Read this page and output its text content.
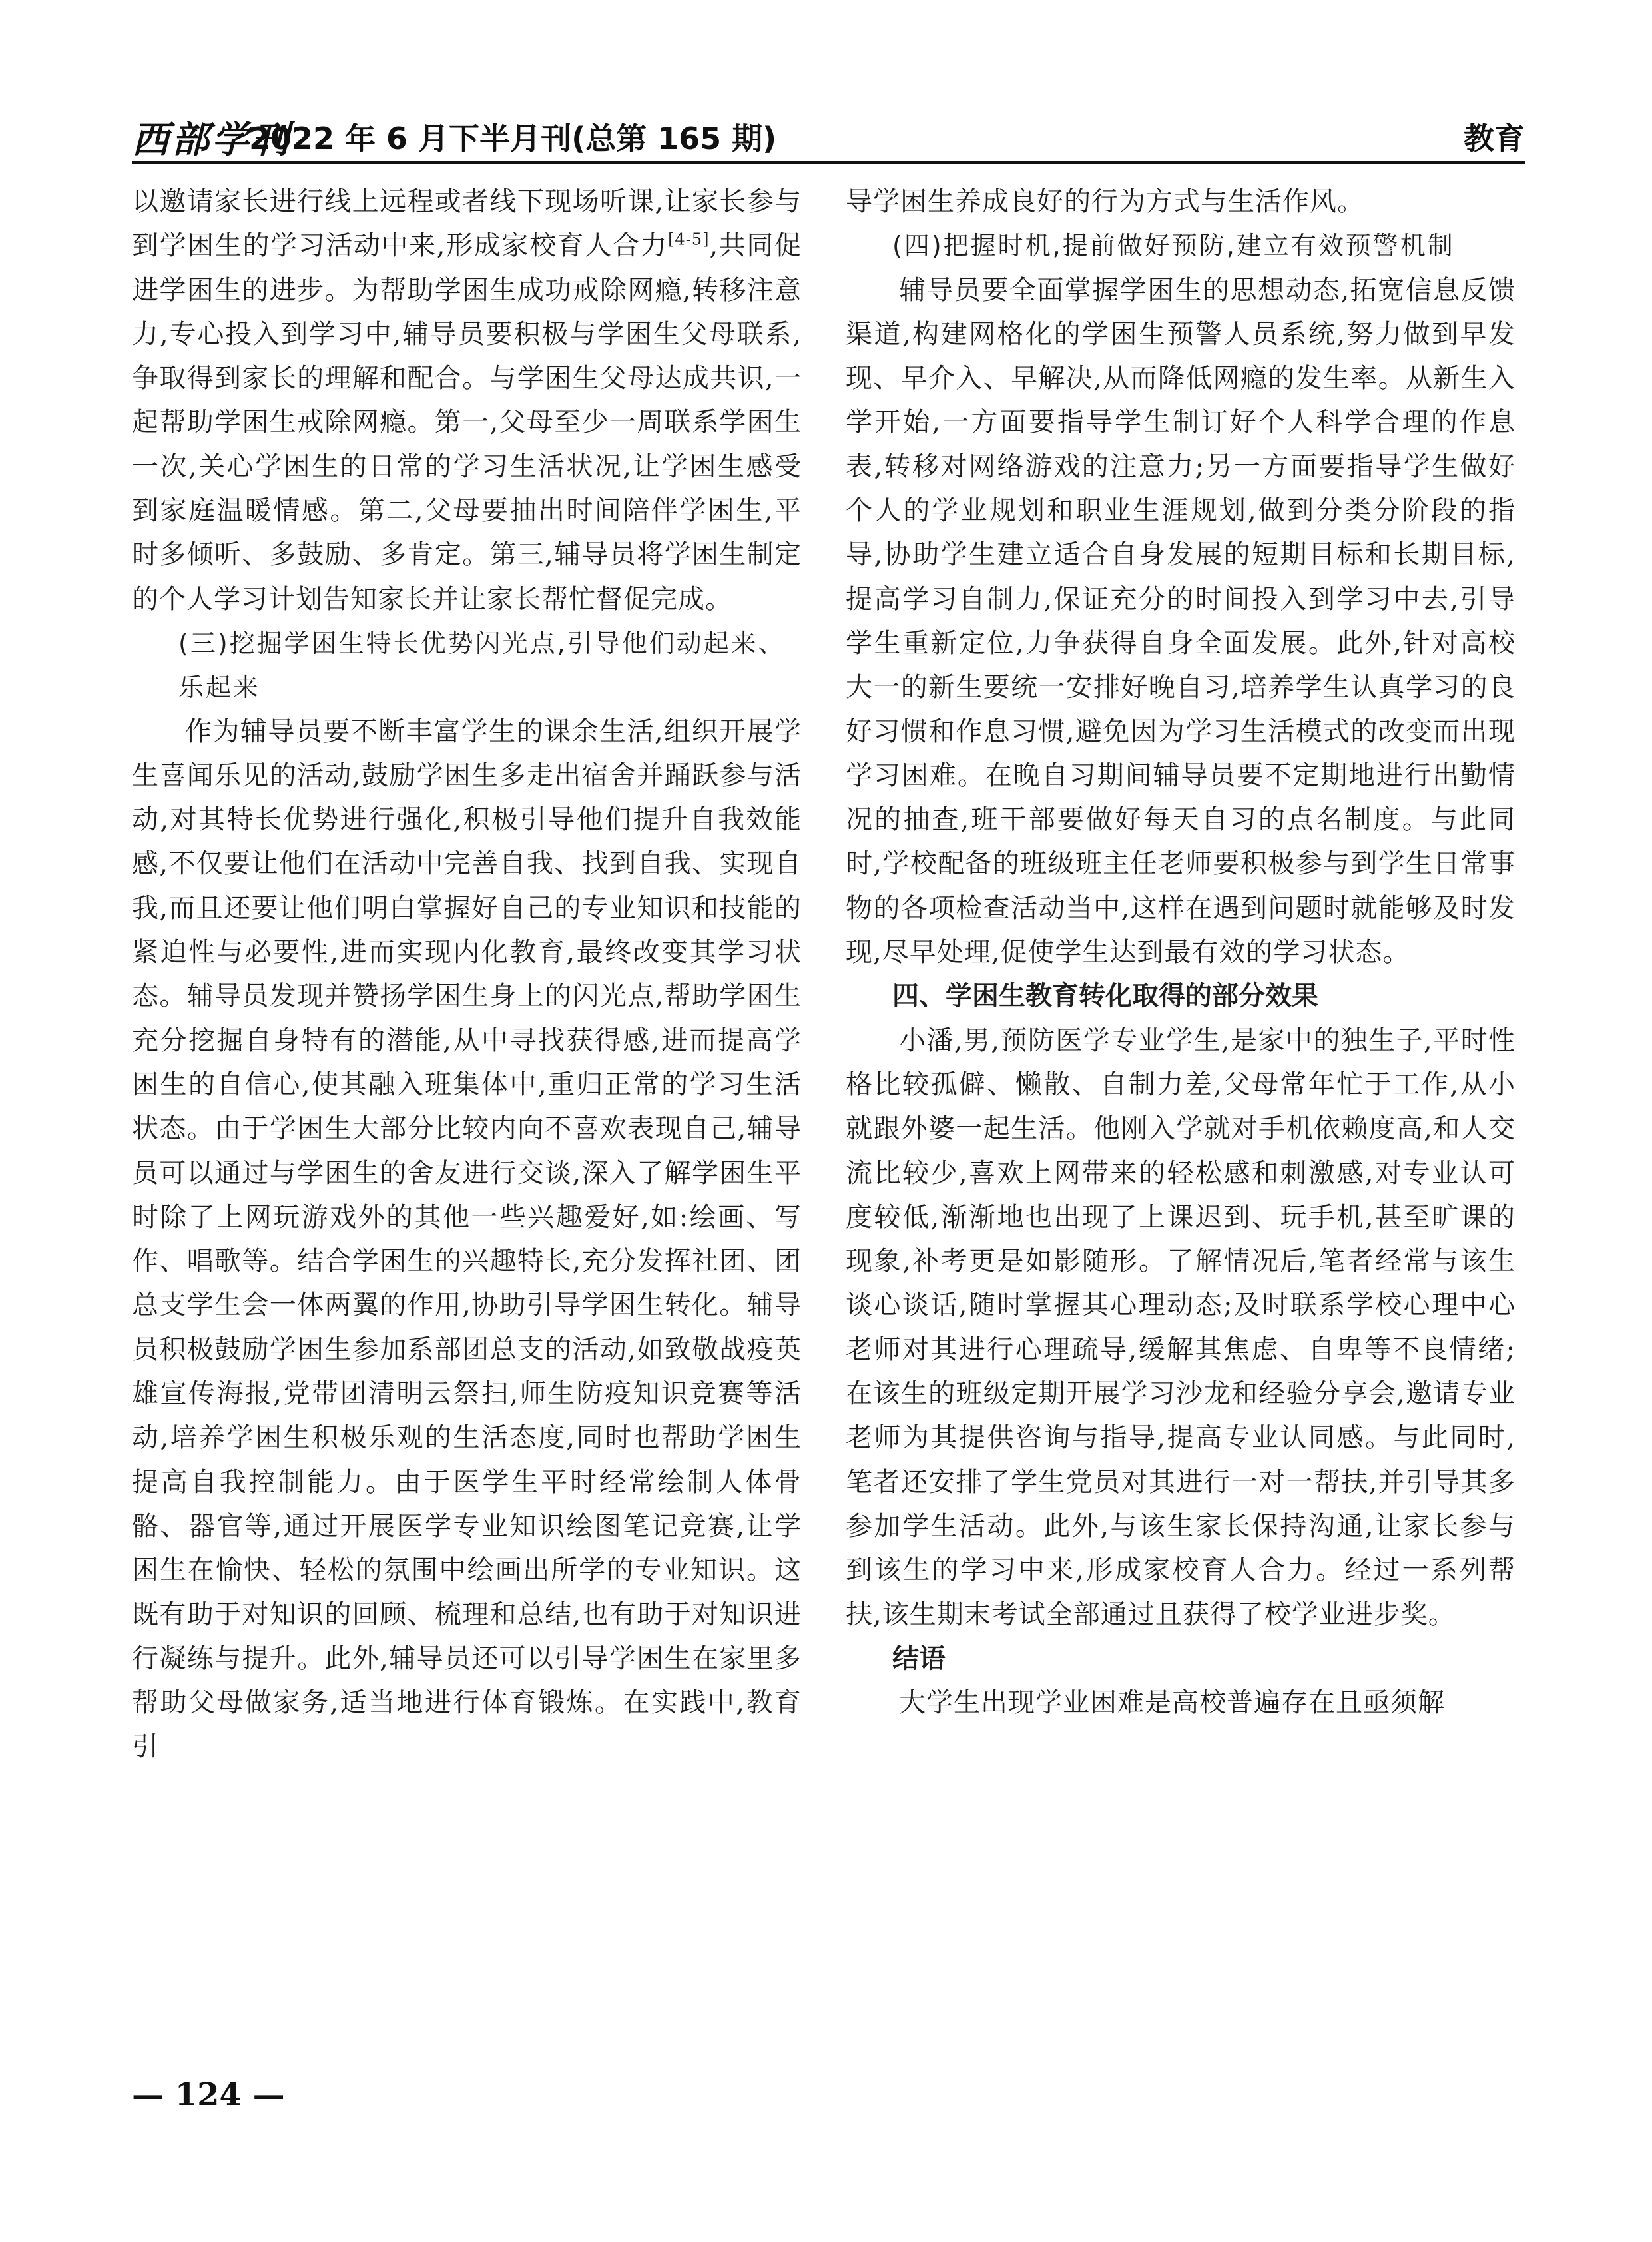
西部学刊
2022 年 6 月下半月刊(总第 165 期)	教育

以邀请家长进行线上远程或者线下现场听课,让家长参与到学困生的学习活动中来,形成家校育人合力[4-5],共同促进学困生的进步。为帮助学困生成功戒除网瘾,转移注意力,专心投入到学习中,辅导员要积极与学困生父母联系,争取得到家长的理解和配合。与学困生父母达成共识,一起帮助学困生戒除网瘾。第一,父母至少一周联系学困生一次,关心学困生的日常的学习生活状况,让学困生感受到家庭温暖情感。第二,父母要抽出时间陪伴学困生,平时多倾听、多鼓励、多肯定。第三,辅导员将学困生制定的个人学习计划告知家长并让家长帮忙督促完成。

(三)挖掘学困生特长优势闪光点,引导他们动起来、乐起来

作为辅导员要不断丰富学生的课余生活,组织开展学生喜闻乐见的活动,鼓励学困生多走出宿舍并踊跃参与活动,对其特长优势进行强化,积极引导他们提升自我效能感,不仅要让他们在活动中完善自我、找到自我、实现自我,而且还要让他们明白掌握好自己的专业知识和技能的紧迫性与必要性,进而实现内化教育,最终改变其学习状态。辅导员发现并赞扬学困生身上的闪光点,帮助学困生充分挖掘自身特有的潜能,从中寻找获得感,进而提高学困生的自信心,使其融入班集体中,重归正常的学习生活状态。由于学困生大部分比较内向不喜欢表现自己,辅导员可以通过与学困生的舍友进行交谈,深入了解学困生平时除了上网玩游戏外的其他一些兴趣爱好,如:绘画、写作、唱歌等。结合学困生的兴趣特长,充分发挥社团、团总支学生会一体两翼的作用,协助引导学困生转化。辅导员积极鼓励学困生参加系部团总支的活动,如致敬战疫英雄宣传海报,党带团清明云祭扫,师生防疫知识竞赛等活动,培养学困生积极乐观的生活态度,同时也帮助学困生提高自我控制能力。由于医学生平时经常绘制人体骨骼、器官等,通过开展医学专业知识绘图笔记竞赛,让学困生在愉快、轻松的氛围中绘画出所学的专业知识。这既有助于对知识的回顾、梳理和总结,也有助于对知识进行凝练与提升。此外,辅导员还可以引导学困生在家里多帮助父母做家务,适当地进行体育锻炼。在实践中,教育引

导学困生养成良好的行为方式与生活作风。

(四)把握时机,提前做好预防,建立有效预警机制

辅导员要全面掌握学困生的思想动态,拓宽信息反馈渠道,构建网格化的学困生预警人员系统,努力做到早发现、早介入、早解决,从而降低网瘾的发生率。从新生入学开始,一方面要指导学生制订好个人科学合理的作息表,转移对网络游戏的注意力;另一方面要指导学生做好个人的学业规划和职业生涯规划,做到分类分阶段的指导,协助学生建立适合自身发展的短期目标和长期目标,提高学习自制力,保证充分的时间投入到学习中去,引导学生重新定位,力争获得自身全面发展。此外,针对高校大一的新生要统一安排好晚自习,培养学生认真学习的良好习惯和作息习惯,避免因为学习生活模式的改变而出现学习困难。在晚自习期间辅导员要不定期地进行出勤情况的抽查,班干部要做好每天自习的点名制度。与此同时,学校配备的班级班主任老师要积极参与到学生日常事物的各项检查活动当中,这样在遇到问题时就能够及时发现,尽早处理,促使学生达到最有效的学习状态。

四、学困生教育转化取得的部分效果

小潘,男,预防医学专业学生,是家中的独生子,平时性格比较孤僻、懒散、自制力差,父母常年忙于工作,从小就跟外婆一起生活。他刚入学就对手机依赖度高,和人交流比较少,喜欢上网带来的轻松感和刺激感,对专业认可度较低,渐渐地也出现了上课迟到、玩手机,甚至旷课的现象,补考更是如影随形。了解情况后,笔者经常与该生谈心谈话,随时掌握其心理动态;及时联系学校心理中心老师对其进行心理疏导,缓解其焦虑、自卑等不良情绪;在该生的班级定期开展学习沙龙和经验分享会,邀请专业老师为其提供咨询与指导,提高专业认同感。与此同时,笔者还安排了学生党员对其进行一对一帮扶,并引导其多参加学生活动。此外,与该生家长保持沟通,让家长参与到该生的学习中来,形成家校育人合力。经过一系列帮扶,该生期末考试全部通过且获得了校学业进步奖。

结语

大学生出现学业困难是高校普遍存在且亟须解

— 124 —
